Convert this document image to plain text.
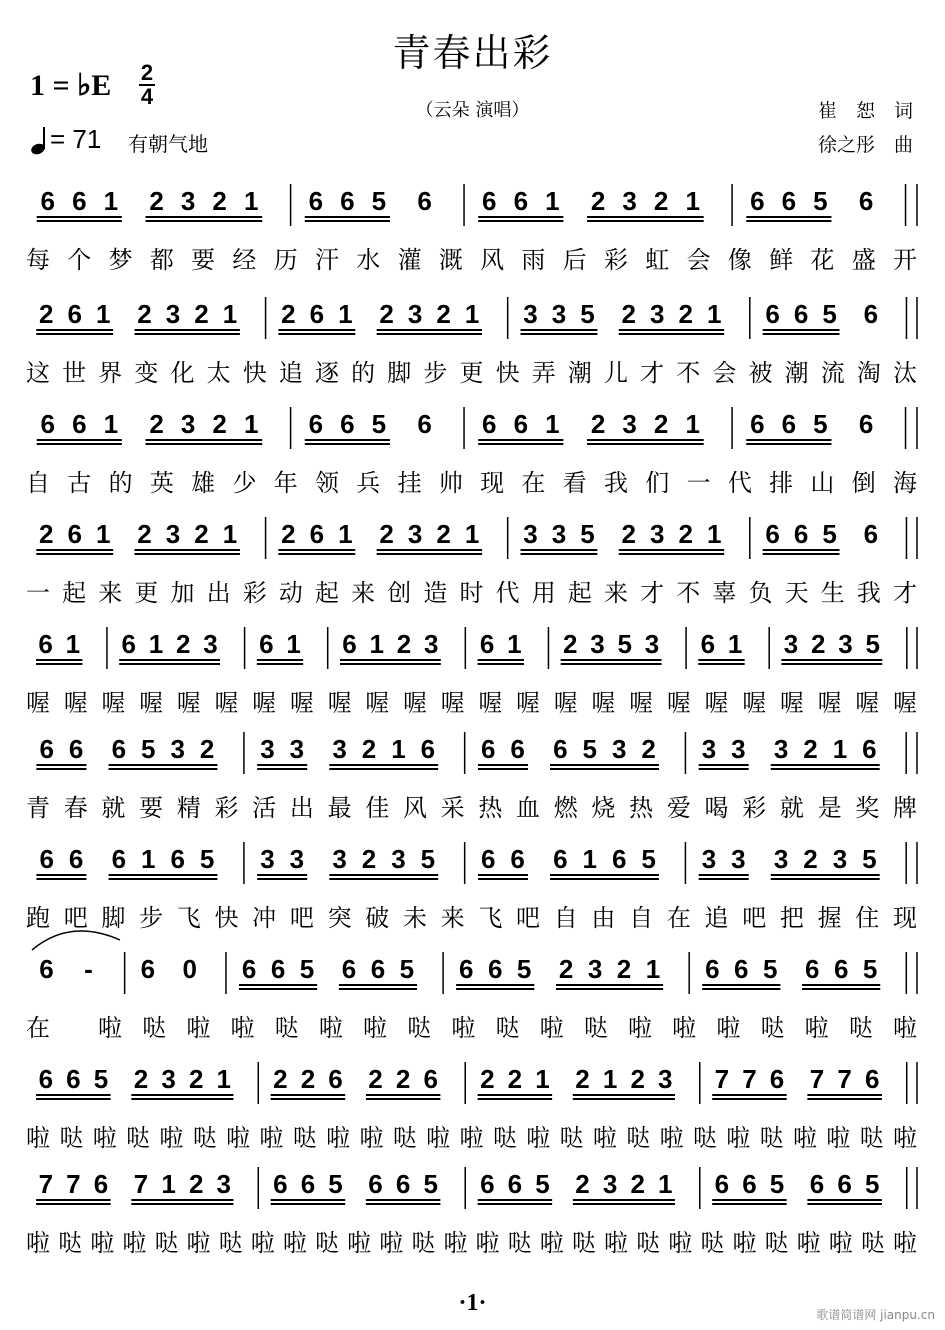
青春出彩
（云朵 演唱）
1 = ♭E 2
4
= 71 有朝气地
崔　恕　词
徐之彤　曲
6 6 1 2 3 2 1 6 6 5 6 6 6 1 2 3 2 1 6 6 5 6
每个梦都要经历汗水灌溉风雨后彩虹会像鲜花盛开
2 6 1 2 3 2 1 2 6 1 2 3 2 1 3 3 5 2 3 2 1 6 6 5 6
这世界变化太快追逐的脚步更快弄潮儿才不会被潮流淘汰
6 6 1 2 3 2 1 6 6 5 6 6 6 1 2 3 2 1 6 6 5 6
自古的英雄少年领兵挂帅现在看我们一代排山倒海
2 6 1 2 3 2 1 2 6 1 2 3 2 1 3 3 5 2 3 2 1 6 6 5 6
一起来更加出彩动起来创造时代用起来才不辜负天生我才
6 1 6 1 2 3 6 1 6 1 2 3 6 1 2 3 5 3 6 1 3 2 3 5
喔喔喔喔喔喔喔喔喔喔喔喔喔喔喔喔喔喔喔喔喔喔喔喔
6 6 6 5 3 2 3 3 3 2 1 6 6 6 6 5 3 2 3 3 3 2 1 6
青春就要精彩活出最佳风采热血燃烧热爱喝彩就是奖牌
6 6 6 1 6 5 3 3 3 2 3 5 6 6 6 1 6 5 3 3 3 2 3 5
跑吧脚步飞快冲吧突破未来飞吧自由自在追吧把握住现
6 - 6 0 6 6 5 6 6 5 6 6 5 2 3 2 1 6 6 5 6 6 5
在 啦哒啦啦哒啦啦哒啦哒啦哒啦啦啦哒啦哒啦
6 6 5 2 3 2 1 2 2 6 2 2 6 2 2 1 2 1 2 3 7 7 6 7 7 6
啦哒啦哒啦哒啦啦哒啦啦哒啦啦哒啦哒啦哒啦哒啦哒啦啦哒啦
7 7 6 7 1 2 3 6 6 5 6 6 5 6 6 5 2 3 2 1 6 6 5 6 6 5
啦哒啦啦哒啦哒啦啦哒啦啦哒啦啦哒啦哒啦哒啦哒啦哒啦啦哒啦
·1·	歌谱简谱网 jianpu.cn
